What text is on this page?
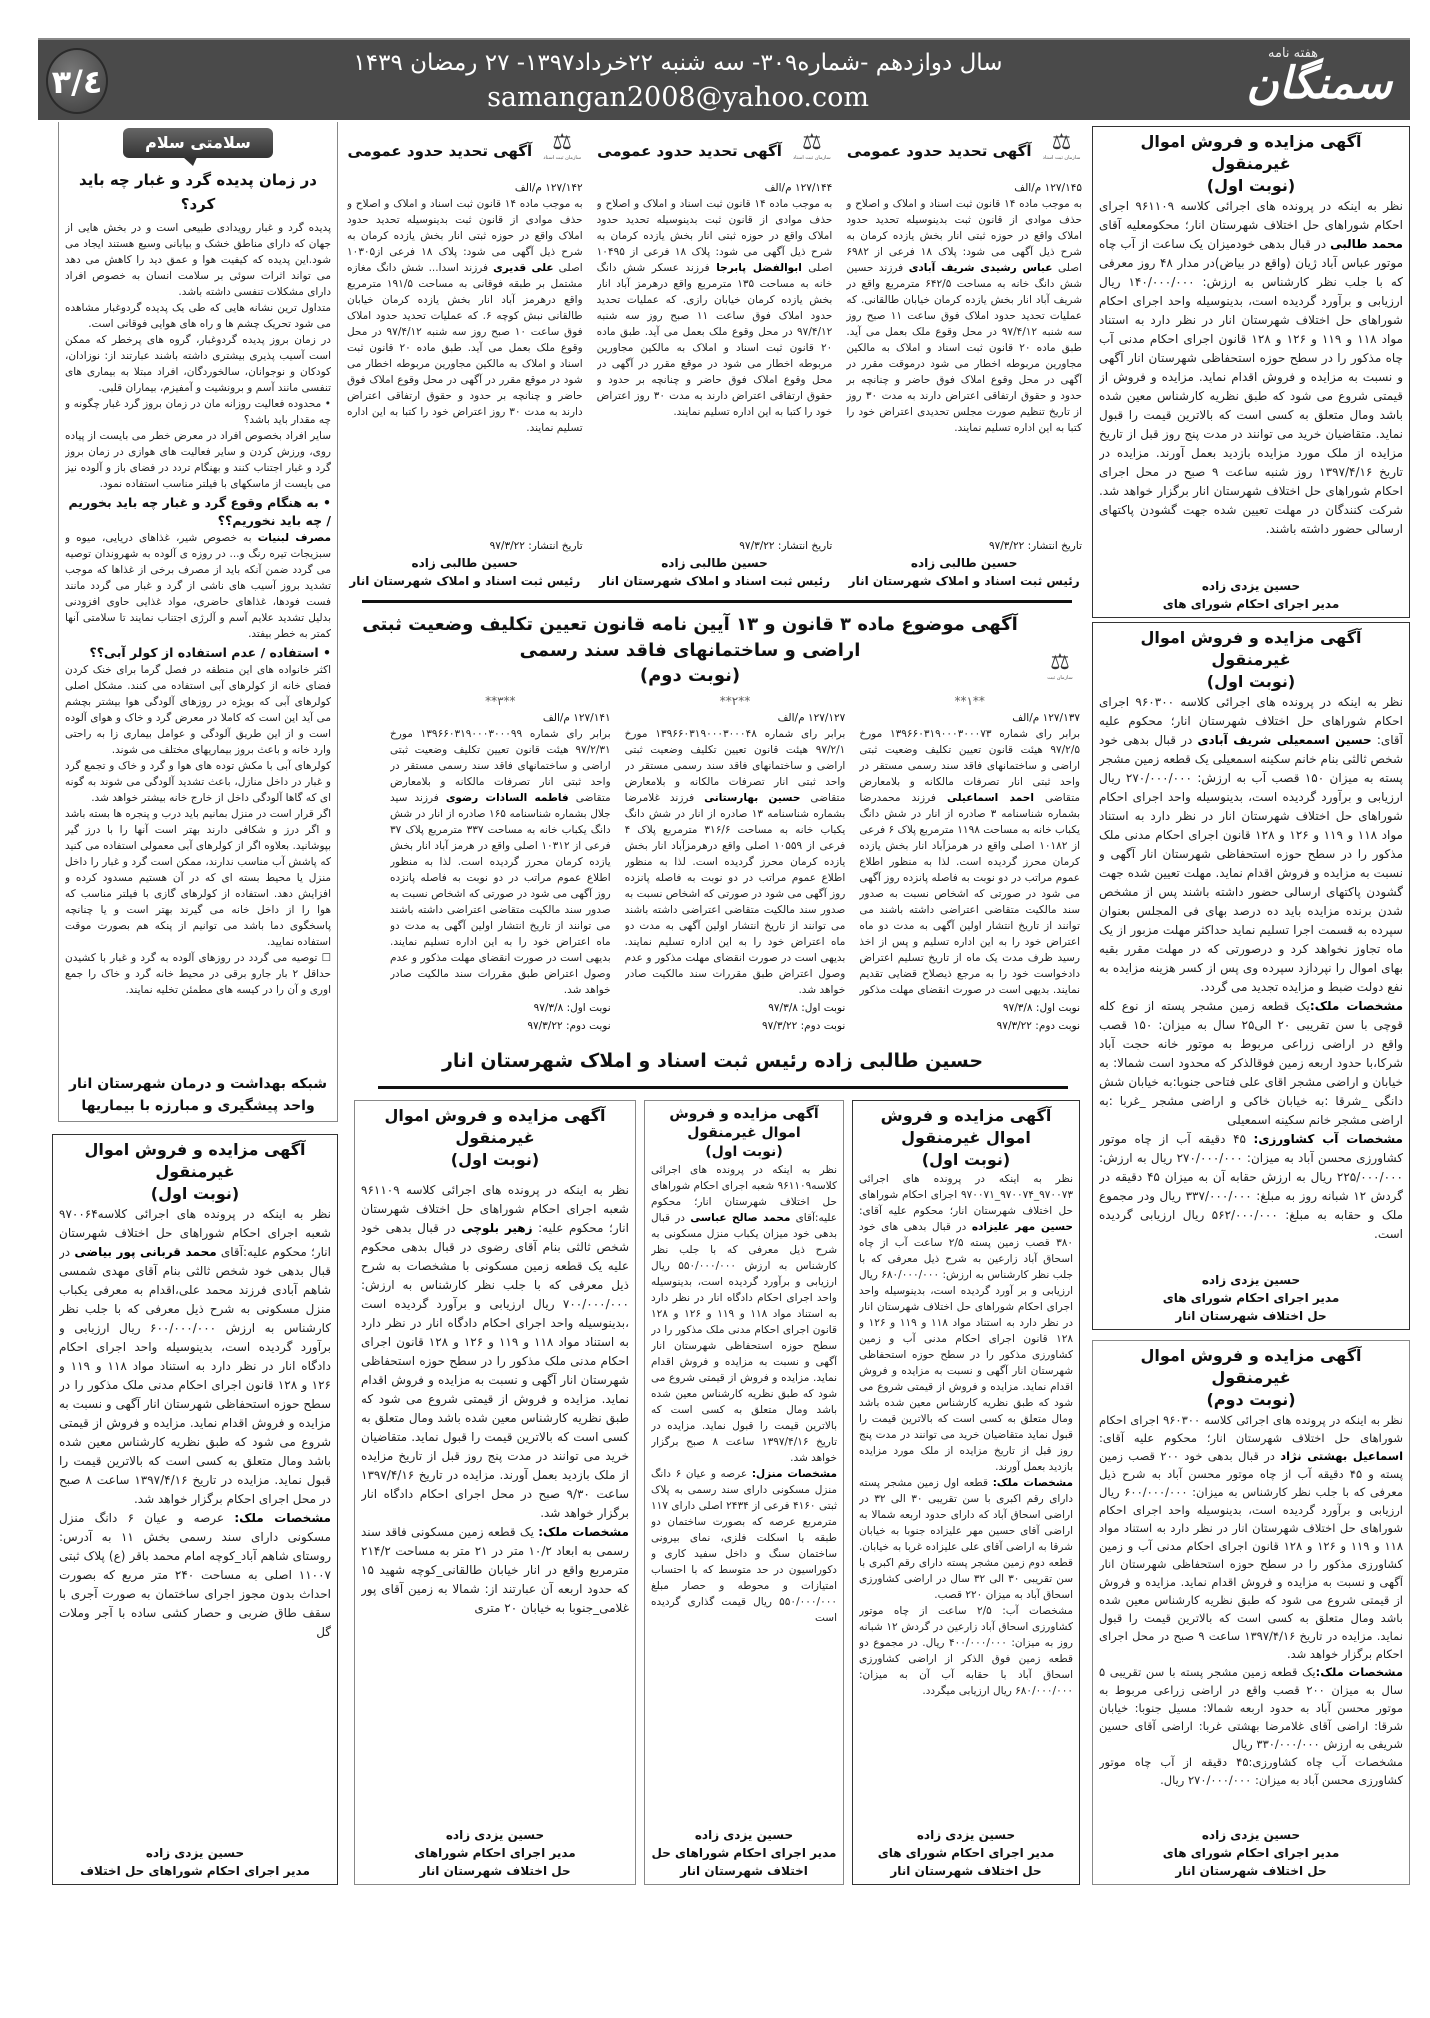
هفته نامه
سمنگان
سال دوازدهم -شماره۳۰۹- سه شنبه ۲۲خرداد۱۳۹۷- ۲۷ رمضان ۱۴۳۹
samangan2008@yahoo.com
۳/٤
آگهی مزایده و فروش اموال غیرمنقول
(نوبت اول)
نظر به اینکه در پرونده های اجرائی کلاسه ۹۶۱۱۰۹ اجرای احکام شوراهای حل اختلاف شهرستان انار؛ محکومعلیه آقای محمد طالبی در قبال بدهی خودمیزان یک ساعت از آب چاه موتور عباس آباد ژیان (واقع در بیاض)در مدار ۴۸ روز معرفی که با جلب نظر کارشناس به ارزش: ۱۴۰/۰۰۰/۰۰۰ ریال ارزیابی و برآورد گردیده است، بدینوسیله واحد اجرای احکام شوراهای حل اختلاف شهرستان انار در نظر دارد به استناد مواد ۱۱۸ و ۱۱۹ و ۱۲۶ و ۱۲۸ قانون اجرای احکام مدنی آب چاه مذکور را در سطح حوزه استحفاظی شهرستان انار آگهی و نسبت به مزایده و فروش اقدام نماید. مزایده و فروش از قیمتی شروع می شود که طبق نظریه کارشناس معین شده باشد ومال متعلق به کسی است که بالاترین قیمت را قبول نماید. متقاضیان خرید می توانند در مدت پنج روز قبل از تاریخ مزایده از ملک مورد مزایده بازدید بعمل آورند. مزایده در تاریخ ۱۳۹۷/۴/۱۶ روز شنبه ساعت ۹ صبح در محل اجرای احکام شوراهای حل اختلاف شهرستان انار برگزار خواهد شد. شرکت کنندگان در مهلت تعیین شده جهت گشودن پاکتهای ارسالی حضور داشته باشند.
حسین یزدی زاده
مدیر اجرای احکام شورای های
آگهی مزایده و فروش اموال غیرمنقول
(نوبت اول)
نظر به اینکه در پرونده های اجرائی کلاسه ۹۶۰۳۰۰ اجرای احکام شوراهای حل اختلاف شهرستان انار؛ محکوم علیه آقای: حسین اسمعیلی شریف آبادی در قبال بدهی خود شخص ثالثی بنام خانم سکینه اسمعیلی یک قطعه زمین مشجر پسته به میزان ۱۵۰ قصب آب به ارزش: ۲۷۰/۰۰۰/۰۰۰ ریال ارزیابی و برآورد گردیده است، بدینوسیله واحد اجرای احکام شوراهای حل اختلاف شهرستان انار در نظر دارد به استناد مواد ۱۱۸ و ۱۱۹ و ۱۲۶ و ۱۲۸ قانون اجرای احکام مدنی ملک مذکور را در سطح حوزه استحفاظی شهرستان انار آگهی و نسبت به مزایده و فروش اقدام نماید. مهلت تعیین شده جهت گشودن پاکتهای ارسالی حضور داشته باشند پس از مشخص شدن برنده مزایده باید ده درصد بهای فی المجلس بعنوان سپرده به قسمت اجرا تسلیم نماید حداکثر مهلت مزبور از یک ماه تجاوز نخواهد کرد و درصورتی که در مهلت مقرر بقیه بهای اموال را نپردازد سپرده وی پس از کسر هزینه مزایده به نفع دولت ضبط و مزایده تجدید می گردد.
مشخصات ملک:یک قطعه زمین مشجر پسته از نوع کله قوچی با سن تقریبی ۲۰ الی۲۵ سال به میزان: ۱۵۰ قصب واقع در اراضی زراعی مربوط به موتور خانه حجت آباد شرکا،با حدود اربعه زمین فوقالذکر که محدود است شمالا: به خیابان و اراضی مشجر اقای علی فتاحی جنوبا:به خیابان شش دانگی _شرقا :به خیابان خاکی و اراضی مشجر _غربا :به اراضی مشجر خانم سکینه اسمعیلی
مشخصات آب کشاورزی: ۴۵ دقیقه آب از چاه موتور کشاورزی محسن آباد به میزان: ۲۷۰/۰۰۰/۰۰۰ ریال به ارزش: ۲۲۵/۰۰۰/۰۰۰ ریال به ارزش حقابه آن به میزان ۴۵ دقیقه در گردش ۱۲ شبانه روز به مبلغ: ۳۳۷/۰۰۰/۰۰۰ ریال ودر مجموع ملک و حقابه به مبلغ: ۵۶۲/۰۰۰/۰۰۰ ریال ارزیابی گردیده است.
حسین یزدی زاده
مدیر اجرای احکام شورای های
حل اختلاف شهرستان انار
آگهی مزایده و فروش اموال غیرمنقول
(نوبت دوم)
نظر به اینکه در پرونده های اجرائی کلاسه ۹۶۰۳۰۰ اجرای احکام شوراهای حل اختلاف شهرستان انار؛ محکوم علیه آقای: اسماعیل بهشتی نژاد در قبال بدهی خود ۲۰۰ قصب زمین پسته و ۴۵ دقیقه آب از چاه موتور محسن آباد به شرح ذیل معرفی که با جلب نظر کارشناس به میزان: ۶۰۰/۰۰۰/۰۰۰ ریال ارزیابی و برآورد گردیده است، بدینوسیله واحد اجرای احکام شوراهای حل اختلاف شهرستان انار در نظر دارد به استناد مواد ۱۱۸ و ۱۱۹ و ۱۲۶ و ۱۲۸ قانون اجرای احکام مدنی آب و زمین کشاورزی مذکور را در سطح حوزه استحفاظی شهرستان انار آگهی و نسبت به مزایده و فروش اقدام نماید. مزایده و فروش از قیمتی شروع می شود که طبق نظریه کارشناس معین شده باشد ومال متعلق به کسی است که بالاترین قیمت را قبول نماید. مزایده در تاریخ ۱۳۹۷/۴/۱۶ ساعت ۹ صبح در محل اجرای احکام برگزار خواهد شد.
مشخصات ملک:یک قطعه زمین مشجر پسته با سن تقریبی ۵ سال به میزان ۲۰۰ قصب واقع در اراضی زراعی مربوط به موتور محسن آباد به حدود اربعه شمالا: مسیل جنوبا: خیابان شرقا: اراضی آقای غلامرضا بهشتی غربا: اراضی آقای حسین شریفی به ارزش ۳۳۰/۰۰۰/۰۰۰ ریال
مشخصات آب چاه کشاورزی:۴۵ دقیقه از آب چاه موتور کشاورزی محسن آباد به میزان: ۲۷۰/۰۰۰/۰۰۰ ریال.
حسین یزدی زاده
مدیر اجرای احکام شورای های
حل اختلاف شهرستان انار
⚖
سازمان ثبت اسناد
آگهی تحدید حدود عمومی
۱۲۷/۱۴۵ م/الف
به موجب ماده ۱۴ قانون ثبت اسناد و املاک و اصلاح و حذف موادی از قانون ثبت بدینوسیله تحدید حدود املاک واقع در حوزه ثبتی انار بخش یازده کرمان به شرح ذیل آگهی می شود: پلاک ۱۸ فرعی از ۶۹۸۲ اصلی عباس رشیدی شریف آبادی فرزند حسین شش دانگ خانه به مساحت ۶۴۲/۵ مترمربع واقع در شریف آباد انار بخش یازده کرمان خیابان طالقانی. که عملیات تحدید حدود املاک فوق ساعت ۱۱ صبح روز سه شنبه ۹۷/۴/۱۲ در محل وقوع ملک بعمل می آید. طبق ماده ۲۰ قانون ثبت اسناد و املاک به مالکین مجاورین مربوطه اخطار می شود درموقت مقرر در آگهی در محل وقوع املاک فوق حاضر و چنانچه بر حدود و حقوق ارتفاقی اعتراض دارند به مدت ۳۰ روز از تاریخ تنظیم صورت مجلس تحدیدی اعتراض خود را کتبا به این اداره تسلیم نمایند.
تاریخ انتشار: ۹۷/۳/۲۲
حسین طالبی زاده
رئیس ثبت اسناد و املاک شهرستان انار
⚖
سازمان ثبت اسناد
آگهی تحدید حدود عمومی
۱۲۷/۱۴۴ م/الف
به موجب ماده ۱۴ قانون ثبت اسناد و املاک و اصلاح و حذف موادی از قانون ثبت بدینوسیله تحدید حدود املاک واقع در حوزه ثبتی انار بخش یازده کرمان به شرح ذیل آگهی می شود: پلاک ۱۸ فرعی از ۱۰۴۹۵ اصلی ابوالفضل پابرجا فرزند عسکر شش دانگ خانه به مساحت ۱۳۵ مترمربع واقع درهرمز آباد انار بخش یازده کرمان خیابان رازی. که عملیات تحدید حدود املاک فوق ساعت ۱۱ صبح روز سه شنبه ۹۷/۴/۱۲ در محل وقوع ملک بعمل می آید. طبق ماده ۲۰ قانون ثبت اسناد و املاک به مالکین مجاورین مربوطه اخطار می شود در موقع مقرر در آگهی در محل وقوع املاک فوق حاضر و چنانچه بر حدود و حقوق ارتفاقی اعتراض دارند به مدت ۳۰ روز اعتراض خود را کتبا به این اداره تسلیم نمایند.
تاریخ انتشار: ۹۷/۳/۲۲
حسین طالبی زاده
رئیس ثبت اسناد و املاک شهرستان انار
⚖
سازمان ثبت اسناد
آگهی تحدید حدود عمومی
۱۲۷/۱۴۲ م/الف
به موجب ماده ۱۴ قانون ثبت اسناد و املاک و اصلاح و حذف موادی از قانون ثبت بدینوسیله تحدید حدود املاک واقع در حوزه ثبتی انار بخش یازده کرمان به شرح ذیل آگهی می شود: پلاک ۱۸ فرعی از۱۰۳۰۵ اصلی علی قدیری فرزند اسدا... شش دانگ مغازه مشتمل بر طبقه فوقانی به مساحت ۱۹۱/۵ مترمربع واقع درهرمز آباد انار بخش یازده کرمان خیابان طالقانی نبش کوچه ۶. که عملیات تحدید حدود املاک فوق ساعت ۱۰ صبح روز سه شنبه ۹۷/۴/۱۲ در محل وقوع ملک بعمل می آید. طبق ماده ۲۰ قانون ثبت اسناد و املاک به مالکین مجاورین مربوطه اخطار می شود در موقع مقرر در آگهی در محل وقوع املاک فوق حاضر و چنانچه بر حدود و حقوق ارتفاقی اعتراض دارند به مدت ۳۰ روز اعتراض خود را کتبا به این اداره تسلیم نمایند.
تاریخ انتشار: ۹۷/۳/۲۲
حسین طالبی زاده
رئیس ثبت اسناد و املاک شهرستان انار
آگهی موضوع ماده ۳ قانون و ۱۳ آیین نامه قانون تعیین تکلیف وضعیت ثبتی اراضی و ساختمانهای فاقد سند رسمی
(نوبت دوم)
⚖
سازمان ثبت
**۱**
۱۲۷/۱۳۷ م/الف
برابر رای شماره ۱۳۹۶۶۰۳۱۹۰۰۰۳۰۰۰۷۳ مورخ ۹۷/۲/۵ هیئت قانون تعیین تکلیف وضعیت ثبتی اراضی و ساختمانهای فاقد سند رسمی مستقر در واحد ثبتی انار تصرفات مالکانه و بلامعارض متقاضی احمد اسماعیلی فرزند محمدرضا بشماره شناسنامه ۳ صادره از انار در شش دانگ یکباب خانه به مساحت ۱۱۹۸ مترمربع پلاک ۶ فرعی از ۱۰۱۸۲ اصلی واقع در هرمزآباد انار بخش یازده کرمان محرز گردیده است. لذا به منظور اطلاع عموم مراتب در دو نوبت به فاصله پانزده روز آگهی می شود در صورتی که اشخاص نسبت به صدور سند مالکیت متقاضی اعتراضی داشته باشند می توانند از تاریخ انتشار اولین آگهی به مدت دو ماه اعتراض خود را به این اداره تسلیم و پس از اخذ رسید ظرف مدت یک ماه از تاریخ تسلیم اعتراض دادخواست خود را به مرجع ذیصلاح قضایی تقدیم نمایند. بدیهی است در صورت انقضای مهلت مذکور
نوبت اول: ۹۷/۳/۸
نوبت دوم: ۹۷/۳/۲۲
**۲**
۱۲۷/۱۲۷ م/الف
برابر رای شماره ۱۳۹۶۶۰۳۱۹۰۰۰۳۰۰۰۴۸ مورخ ۹۷/۲/۱ هیئت قانون تعیین تکلیف وضعیت ثبتی اراضی و ساختمانهای فاقد سند رسمی مستقر در واحد ثبتی انار تصرفات مالکانه و بلامعارض متقاضی حسین بهارستانی فرزند غلامرضا بشماره شناسنامه ۱۳ صادره از انار در شش دانگ یکباب خانه به مساحت ۳۱۶/۶ مترمربع پلاک ۴ فرعی از ۱۰۵۵۹ اصلی واقع درهرمزآباد انار بخش یازده کرمان محرز گردیده است. لذا به منظور اطلاع عموم مراتب در دو نوبت به فاصله پانزده روز آگهی می شود در صورتی که اشخاص نسبت به صدور سند مالکیت متقاضی اعتراضی داشته باشند می توانند از تاریخ انتشار اولین آگهی به مدت دو ماه اعتراض خود را به این اداره تسلیم نمایند. بدیهی است در صورت انقضای مهلت مذکور و عدم وصول اعتراض طبق مقررات سند مالکیت صادر خواهد شد.
نوبت اول: ۹۷/۳/۸
نوبت دوم: ۹۷/۳/۲۲
**۳**
۱۲۷/۱۴۱ م/الف
برابر رای شماره ۱۳۹۶۶۰۳۱۹۰۰۰۳۰۰۰۹۹ مورخ ۹۷/۲/۳۱ هیئت قانون تعیین تکلیف وضعیت ثبتی اراضی و ساختمانهای فاقد سند رسمی مستقر در واحد ثبتی انار تصرفات مالکانه و بلامعارض متقاضی فاطمه السادات رضوی فرزند سید جلال بشماره شناسنامه ۱۶۵ صادره از انار در شش دانگ یکباب خانه به مساحت ۳۳۷ مترمربع پلاک ۳۷ فرعی از ۱۰۳۱۲ اصلی واقع در هرمز آباد انار بخش یازده کرمان محرز گردیده است. لذا به منظور اطلاع عموم مراتب در دو نوبت به فاصله پانزده روز آگهی می شود در صورتی که اشخاص نسبت به صدور سند مالکیت متقاضی اعتراضی داشته باشند می توانند از تاریخ انتشار اولین آگهی به مدت دو ماه اعتراض خود را به این اداره تسلیم نمایند. بدیهی است در صورت انقضای مهلت مذکور و عدم وصول اعتراض طبق مقررات سند مالکیت صادر خواهد شد.
نوبت اول: ۹۷/۳/۸
نوبت دوم: ۹۷/۳/۲۲
حسین طالبی زاده رئیس ثبت اسناد و املاک شهرستان انار
آگهی مزایده و فروش اموال غیرمنقول
(نوبت اول)
نظر به اینکه در پرونده های اجرائی ۹۷۰۰۷۳_۹۷۰۰۷۴_۹۷۰۰۷۱ اجرای احکام شوراهای حل اختلاف شهرستان انار؛ محکوم علیه آقای: حسین مهر علیزاده در قبال بدهی های خود ۳۸۰ قصب زمین پسته ۲/۵ ساعت آب از چاه اسحاق آباد زارعین به شرح ذیل معرفی که با جلب نظر کارشناس به ارزش: ۶۸۰/۰۰۰/۰۰۰ ریال ارزیابی و بر آورد گردیده است، بدینوسیله واحد اجرای احکام شوراهای حل اختلاف شهرستان انار در نظر دارد به استناد مواد ۱۱۸ و ۱۱۹ و ۱۲۶ و ۱۲۸ قانون اجرای احکام مدنی آب و زمین کشاورزی مذکور را در سطح حوزه استحفاظی شهرستان انار آگهی و نسبت به مزایده و فروش اقدام نماید. مزایده و فروش از قیمتی شروع می شود که طبق نظریه کارشناس معین شده باشد ومال متعلق به کسی است که بالاترین قیمت را قبول نماید متقاضیان خرید می توانند در مدت پنج روز قبل از تاریخ مزایده از ملک مورد مزایده بازدید بعمل آورند.
مشخصات ملک: قطعه اول زمین مشجر پسته دارای رقم اکبری با سن تقریبی ۳۰ الی ۳۲ در اراضی اسحاق آباد که دارای حدود اربعه شمالا به اراضی آقای حسین مهر علیزاده جنوبا به خیابان شرقا به اراضی آقای علی علیزاده غربا به خیابان. قطعه دوم زمین مشجر پسته دارای رقم اکبری با سن تقریبی ۳۰ الی ۳۲ سال در اراضی کشاورزی اسحاق آباد به میزان ۲۲۰ قصب.
مشخصات آب: ۲/۵ ساعت از چاه موتور کشاورزی اسحاق آباد زارعین در گردش ۱۲ شبانه روز به میزان: ۴۰۰/۰۰۰/۰۰۰ ریال. در مجموع دو قطعه زمین فوق الذکر از اراضی کشاورزی اسحاق آباد با حقابه آب آن به میزان: ۶۸۰/۰۰۰/۰۰۰ ریال ارزیابی میگردد.
حسین یزدی زاده
مدیر اجرای احکام شورای های
حل اختلاف شهرستان انار
آگهی مزایده و فروش اموال غیرمنقول
(نوبت اول)
نظر به اینکه در پرونده های اجرائی کلاسه۹۶۱۱۰۹ شعبه اجرای احکام شوراهای حل اختلاف شهرستان انار؛ محکوم علیه:آقای محمد صالح عباسی در قبال بدهی خود میزان یکباب منزل مسکونی به شرح ذیل معرفی که با جلب نظر کارشناس به ارزش ۵۵۰/۰۰۰/۰۰۰ ریال ارزیابی و برآورد گردیده است، بدینوسیله واحد اجرای احکام دادگاه انار در نظر دارد به استناد مواد ۱۱۸ و ۱۱۹ و ۱۲۶ و ۱۲۸ قانون اجرای احکام مدنی ملک مذکور را در سطح حوزه استحفاظی شهرستان انار آگهی و نسبت به مزایده و فروش اقدام نماید. مزایده و فروش از قیمتی شروع می شود که طبق نظریه کارشناس معین شده باشد ومال متعلق به کسی است که بالاترین قیمت را قبول نماید. مزایده در تاریخ ۱۳۹۷/۴/۱۶ ساعت ۸ صبح برگزار خواهد شد.
مشخصات منزل: عرصه و عیان ۶ دانگ منزل مسکونی دارای سند رسمی به پلاک ثبتی ۴۱۶۰ فرعی از ۲۴۳۴ اصلی دارای ۱۱۷ مترمربع عرصه که بصورت ساختمان دو طبقه با اسکلت فلزی، نمای بیرونی ساختمان سنگ و داخل سفید کاری و دکوراسیون در حد متوسط که با احتساب امتیازات و محوطه و حصار مبلغ ۵۵۰/۰۰۰/۰۰۰ ریال قیمت گذاری گردیده است
حسین یزدی زاده
مدیر اجرای احکام شوراهای حل
اختلاف شهرستان انار
آگهی مزایده و فروش اموال غیرمنقول
(نوبت اول)
نظر به اینکه در پرونده های اجرائی کلاسه ۹۶۱۱۰۹ شعبه اجرای احکام شوراهای حل اختلاف شهرستان انار؛ محکوم علیه: زهیر بلوچی در قبال بدهی خود شخص ثالثی بنام آقای رضوی در قبال بدهی محکوم علیه یک قطعه زمین مسکونی با مشخصات به شرح ذیل معرفی که با جلب نظر کارشناس به ارزش: ۷۰۰/۰۰۰/۰۰۰ ریال ارزیابی و برآورد گردیده است ،بدینوسیله واحد اجرای احکام دادگاه انار در نظر دارد به استناد مواد ۱۱۸ و ۱۱۹ و ۱۲۶ و ۱۲۸ قانون اجرای احکام مدنی ملک مذکور را در سطح حوزه استحفاظی شهرستان انار آگهی و نسبت به مزایده و فروش اقدام نماید. مزایده و فروش از قیمتی شروع می شود که طبق نظریه کارشناس معین شده باشد ومال متعلق به کسی است که بالاترین قیمت را قبول نماید. متقاضیان خرید می توانند در مدت پنج روز قبل از تاریخ مزایده از ملک بازدید بعمل آورند. مزایده در تاریخ ۱۳۹۷/۴/۱۶ ساعت ۹/۳۰ صبح در محل اجرای احکام دادگاه انار برگزار خواهد شد.
مشخصات ملک: یک قطعه زمین مسکونی فاقد سند رسمی به ابعاد ۱۰/۲ متر در ۲۱ متر به مساحت ۲۱۴/۲ مترمربع واقع در انار خیابان طالقانی_کوچه شهید ۱۵ که حدود اربعه آن عبارتند از: شمالا به زمین آقای پور غلامی_جنوبا به خیابان ۲۰ متری
حسین یزدی زاده
مدیر اجرای احکام شوراهای
حل اختلاف شهرستان انار
سلامتی سلام
در زمان پدیده گرد و غبار چه باید کرد؟
پدیده گرد و غبار رویدادی طبیعی است و در بخش هایی از جهان که دارای مناطق خشک و بیابانی وسیع هستند ایجاد می شود.این پدیده که کیفیت هوا و عمق دید را کاهش می دهد می تواند اثرات سوئی بر سلامت انسان به خصوص افراد دارای مشکلات تنفسی داشته باشد.
متداول ترین نشانه هایی که طی یک پدیده گردوغبار مشاهده می شود تحریک چشم ها و راه های هوایی فوقانی است.
در زمان بروز پدیده گردوغبار، گروه های پرخطر که ممکن است آسیب پذیری بیشتری داشته باشند عبارتند از: نوزادان، کودکان و نوجوانان، سالخوردگان، افراد مبتلا به بیماری های تنفسی مانند آسم و برونشیت و آمفیزم، بیماران قلبی.
• محدوده فعالیت روزانه مان در زمان بروز گرد غبار چگونه و چه مقدار باید باشد؟
سایر افراد بخصوص افراد در معرض خطر می بایست از پیاده روی، ورزش کردن و سایر فعالیت های هوازی در زمان بروز گرد و غبار اجتناب کنند و بهنگام تردد در فضای باز و آلوده نیز می بایست از ماسکهای با فیلتر مناسب استفاده نمود.
• به هنگام وقوع گرد و غبار چه باید بخوریم / چه باید نخوریم؟؟
مصرف لبنیات به خصوص شیر، غذاهای دریایی، میوه و سبزیجات تیره رنگ و... در روزه ی آلوده به شهروندان توصیه می گردد ضمن آنکه باید از مصرف برخی از غذاها که موجب تشدید بروز آسیب های ناشی از گرد و غبار می گردد مانند فست فودها، غذاهای حاضری، مواد غذایی حاوی افزودنی بدلیل تشدید علایم آسم و آلرژی اجتناب نمایند تا سلامتی آنها کمتر به خطر بیفتد.
• استفاده / عدم استفاده از کولر آبی؟؟
اکثر خانواده های این منطقه در فصل گرما برای خنک کردن فضای خانه از کولرهای آبی استفاده می کنند. مشکل اصلی کولرهای آبی که بویژه در روزهای آلودگی هوا بیشتر بچشم می آید این است که کاملا در معرض گرد و خاک و هوای آلوده است و از این طریق آلودگی و عوامل بیماری زا به راحتی وارد خانه و باعث بروز بیماریهای مختلف می شوند.
کولرهای آبی با مکش توده های هوا و گرد و خاک و تجمع گرد و غبار در داخل منازل، باعث تشدید آلودگی می شوند به گونه ای که گاها آلودگی داخل از خارج خانه بیشتر خواهد شد.
اگر قرار است در منزل بمانیم باید درب و پنجره ها بسته باشد و اگر درز و شکافی دارند بهتر است آنها را با درز گیر بپوشانید. بعلاوه اگر از کولرهای آبی معمولی استفاده می کنید که پاشش آب مناسب ندارند، ممکن است گرد و غبار را داخل منزل یا محیط بسته ای که در آن هستیم مسدود کرده و افزایش دهد. استفاده از کولرهای گازی با فیلتر مناسب که هوا را از داخل خانه می گیرند بهتر است و یا چنانچه پاسخگوی دما باشد می توانیم از پنکه هم بصورت موقت استفاده نمایید.
☐ توصیه می گردد در روزهای آلوده به گرد و غبار با کشیدن حداقل ۲ بار جارو برقی در محیط خانه گرد و خاک را جمع اوری و آن را در کیسه های مطمئن تخلیه نمایند.
شبکه بهداشت و درمان شهرستان انار
واحد پیشگیری و مبارزه با بیماریها
آگهی مزایده و فروش اموال غیرمنقول
(نوبت اول)
نظر به اینکه در پرونده های اجرائی کلاسه۹۷۰۰۶۴ شعبه اجرای احکام شوراهای حل اختلاف شهرستان انار؛ محکوم علیه:آقای محمد قربانی پور بیاضی در قبال بدهی خود شخص ثالثی بنام آقای مهدی شمسی شاهم آبادی فرزند محمد علی،اقدام به معرفی یکباب منزل مسکونی به شرح ذیل معرفی که با جلب نظر کارشناس به ارزش ۶۰۰/۰۰۰/۰۰۰ ریال ارزیابی و برآورد گردیده است، بدینوسیله واحد اجرای احکام دادگاه انار در نظر دارد به استناد مواد ۱۱۸ و ۱۱۹ و ۱۲۶ و ۱۲۸ قانون اجرای احکام مدنی ملک مذکور را در سطح حوزه استحفاظی شهرستان انار آگهی و نسبت به مزایده و فروش اقدام نماید. مزایده و فروش از قیمتی شروع می شود که طبق نظریه کارشناس معین شده باشد ومال متعلق به کسی است که بالاترین قیمت را قبول نماید. مزایده در تاریخ ۱۳۹۷/۴/۱۶ ساعت ۸ صبح در محل اجرای احکام برگزار خواهد شد.
مشخصات ملک: عرصه و عیان ۶ دانگ منزل مسکونی دارای سند رسمی بخش ۱۱ به آدرس: روستای شاهم آباد_کوچه امام محمد باقر (ع) پلاک ثبتی ۱۱۰۰۷ اصلی به مساحت ۲۴۰ متر مربع که بصورت احداث بدون مجوز اجرای ساختمان به صورت آجری با سقف طاق ضربی و حصار کشی ساده با آجر وملات گل
حسین یزدی زاده
مدیر اجرای احکام شوراهای حل اختلاف
